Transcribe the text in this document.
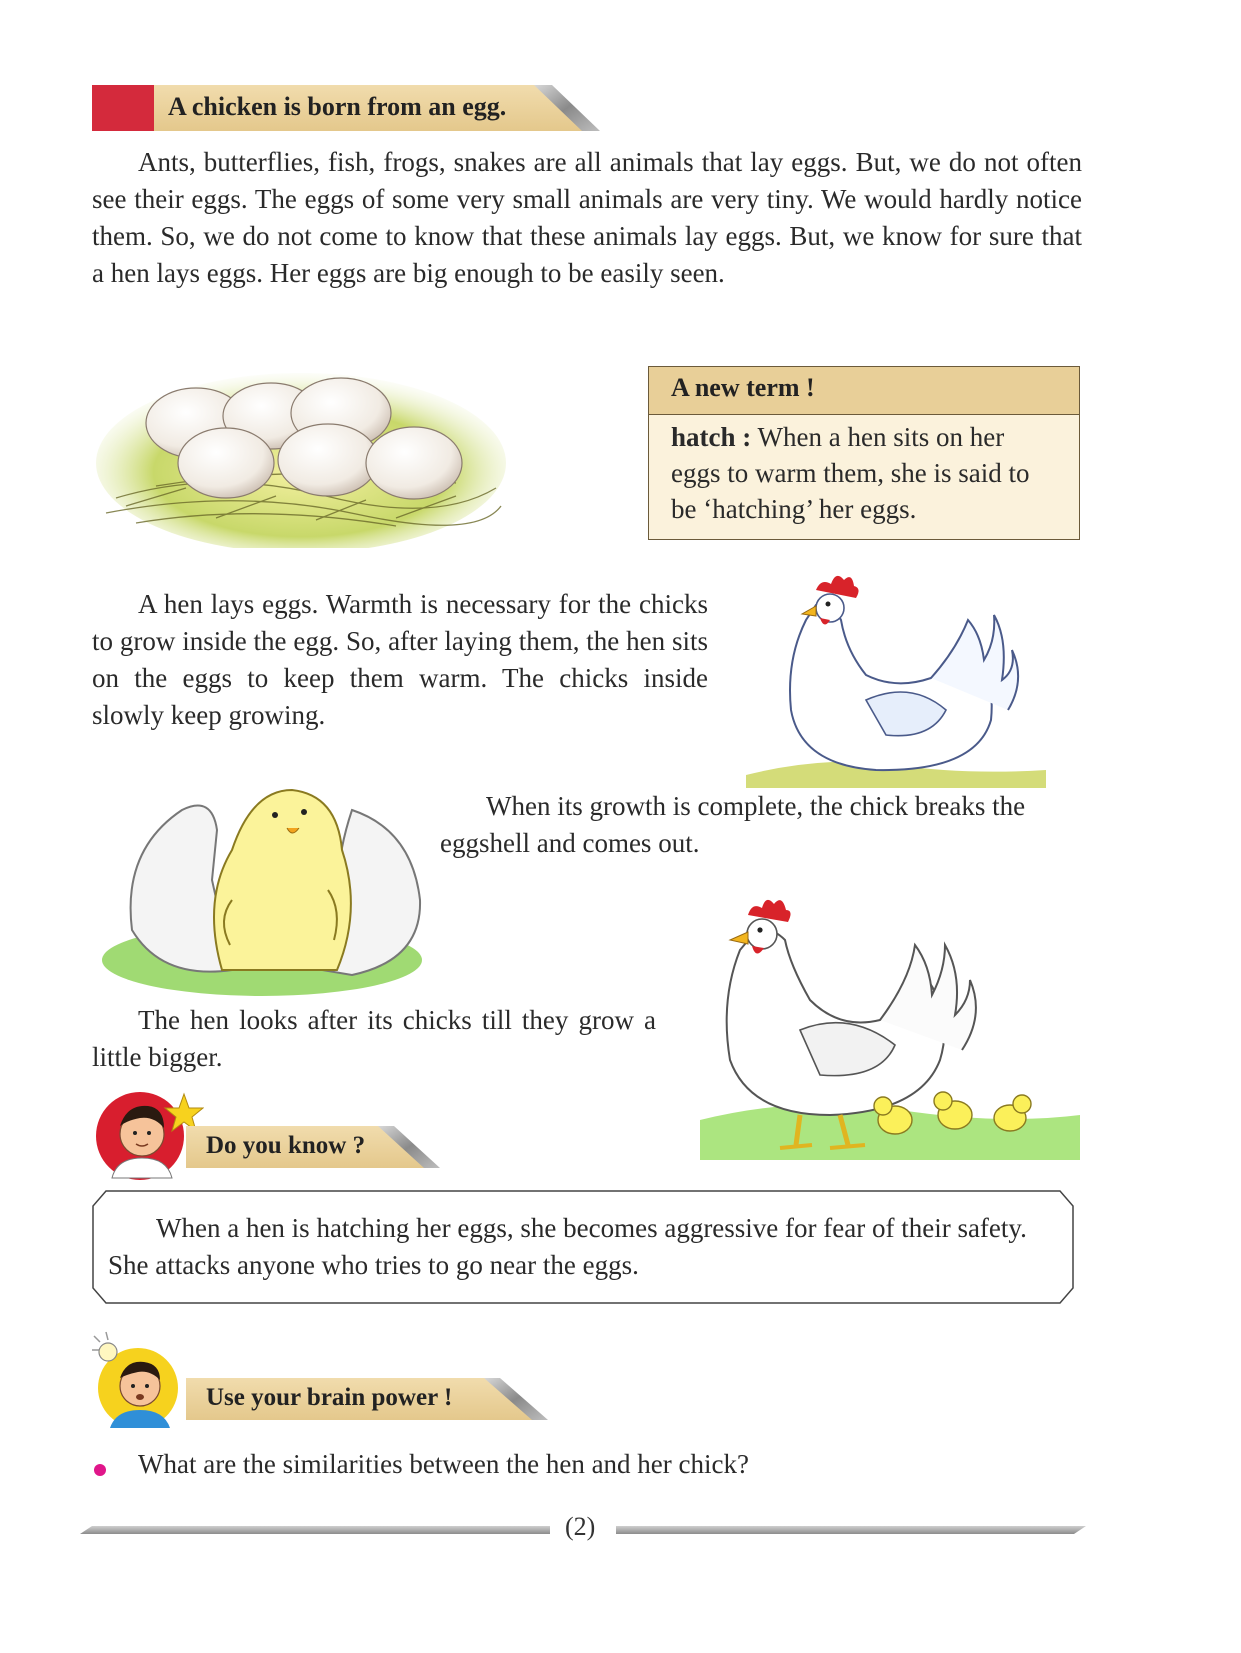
A chicken is born from an egg.

Ants, butterflies, fish, frogs, snakes are all animals that lay eggs. But, we do not often see their eggs. The eggs of some very small animals are very tiny. We would hardly notice them. So, we do not come to know that these animals lay eggs. But, we know for sure that a hen lays eggs. Her eggs are big enough to be easily seen.

A new term !

hatch : When a hen sits on her eggs to warm them, she is said to be ‘hatching’ her eggs.

A hen lays eggs. Warmth is necessary for the chicks to grow inside the egg. So, after laying them, the hen sits on the eggs to keep them warm. The chicks inside slowly keep growing.

When its growth is complete, the chick breaks the eggshell and comes out.

The hen looks after its chicks till they grow a little bigger.

Do you know ?

When a hen is hatching her eggs, she becomes aggressive for fear of their safety. She attacks anyone who tries to go near the eggs.

Use your brain power !

What are the similarities between the hen and her chick?

(2)
